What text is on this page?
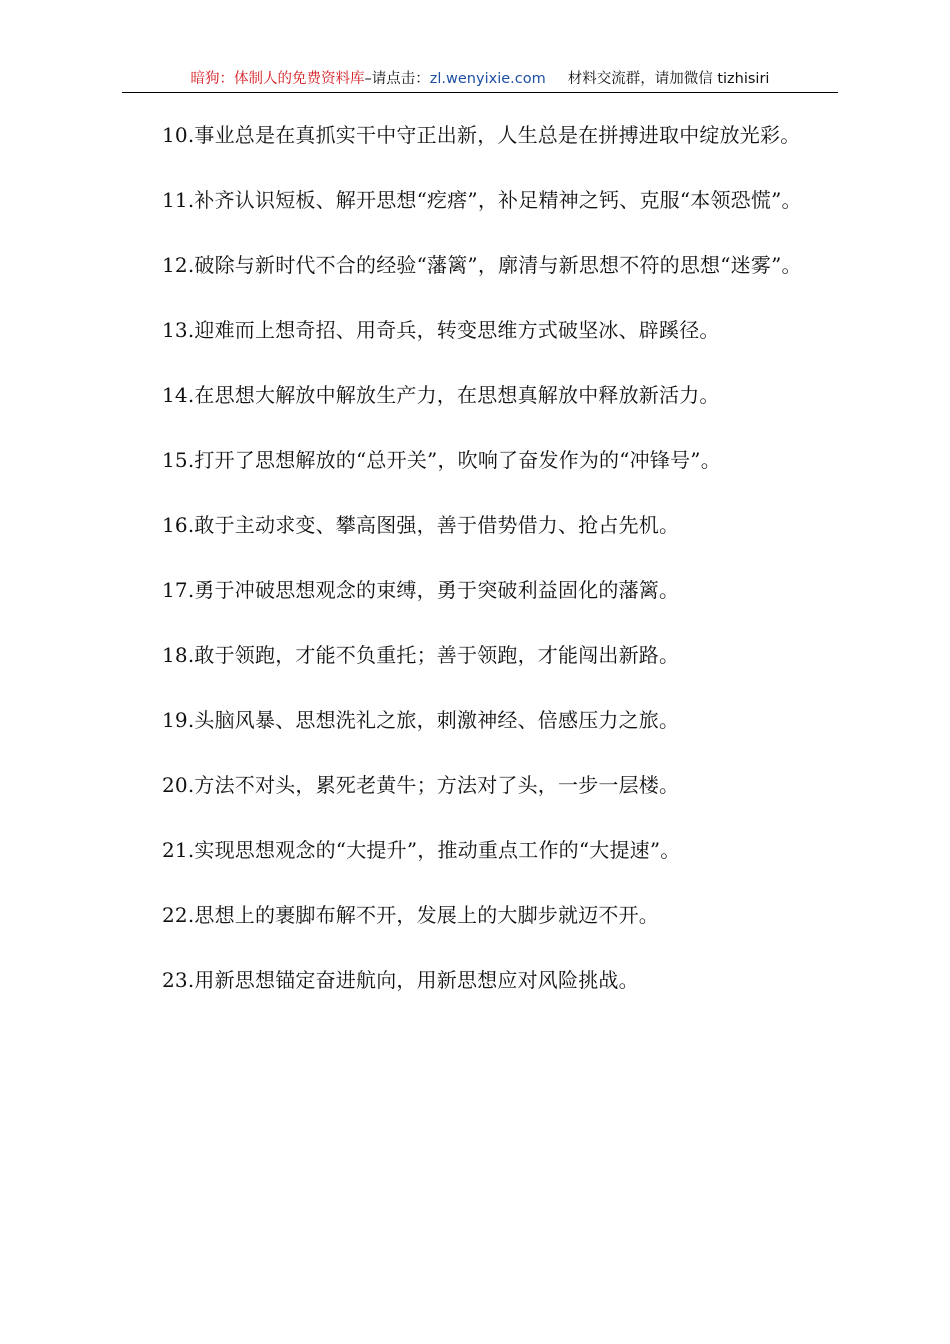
暗狗：体制人的免费资料库–请点击：zl.wenyixie.com 材料交流群，请加微信 tizhisiri

10.事业总是在真抓实干中守正出新，人生总是在拼搏进取中绽放光彩。

11.补齐认识短板、解开思想“疙瘩”，补足精神之钙、克服“本领恐慌”。

12.破除与新时代不合的经验“藩篱”，廓清与新思想不符的思想“迷雾”。

13.迎难而上想奇招、用奇兵，转变思维方式破坚冰、辟蹊径。

14.在思想大解放中解放生产力，在思想真解放中释放新活力。

15.打开了思想解放的“总开关”，吹响了奋发作为的“冲锋号”。

16.敢于主动求变、攀高图强，善于借势借力、抢占先机。

17.勇于冲破思想观念的束缚，勇于突破利益固化的藩篱。

18.敢于领跑，才能不负重托；善于领跑，才能闯出新路。

19.头脑风暴、思想洗礼之旅，刺激神经、倍感压力之旅。

20.方法不对头，累死老黄牛；方法对了头，一步一层楼。

21.实现思想观念的“大提升”，推动重点工作的“大提速”。

22.思想上的裹脚布解不开，发展上的大脚步就迈不开。

23.用新思想锚定奋进航向，用新思想应对风险挑战。
